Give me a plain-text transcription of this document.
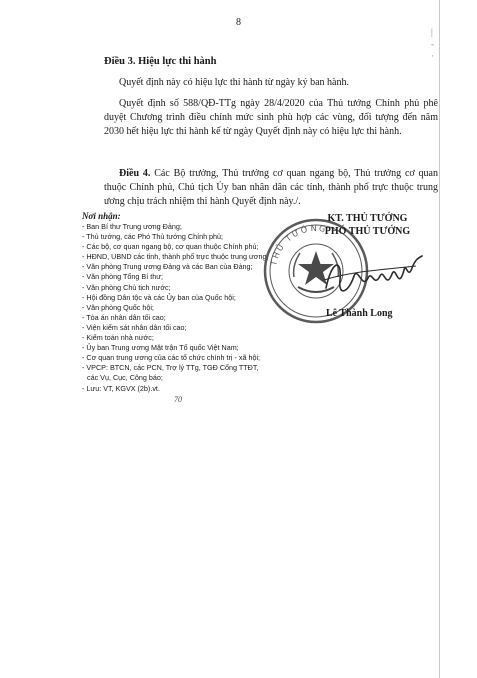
8
|
-
·
Điều 3. Hiệu lực thi hành
Quyết định này có hiệu lực thi hành từ ngày ký ban hành.
Quyết định số 588/QĐ-TTg ngày 28/4/2020 của Thủ tướng Chính phủ phê duyệt Chương trình điều chỉnh mức sinh phù hợp các vùng, đối tượng đến năm 2030 hết hiệu lực thi hành kể từ ngày Quyết định này có hiệu lực thi hành.
Điều 4. Các Bộ trưởng, Thủ trưởng cơ quan ngang bộ, Thủ trưởng cơ quan thuộc Chính phủ, Chủ tịch Ủy ban nhân dân các tỉnh, thành phố trực thuộc trung ương chịu trách nhiệm thi hành Quyết định này./.
Nơi nhận:
- Ban Bí thư Trung ương Đảng;
- Thủ tướng, các Phó Thủ tướng Chính phủ;
- Các bộ, cơ quan ngang bộ, cơ quan thuộc Chính phủ;
- HĐND, UBND các tỉnh, thành phố trực thuộc trung ương;
- Văn phòng Trung ương Đảng và các Ban của Đảng;
- Văn phòng Tổng Bí thư;
- Văn phòng Chủ tịch nước;
- Hội đồng Dân tộc và các Ủy ban của Quốc hội;
- Văn phòng Quốc hội;
- Tòa án nhân dân tối cao;
- Viện kiểm sát nhân dân tối cao;
- Kiểm toán nhà nước;
- Ủy ban Trung ương Mặt trận Tổ quốc Việt Nam;
- Cơ quan trung ương của các tổ chức chính trị - xã hội;
- VPCP: BTCN, các PCN, Trợ lý TTg, TGĐ Cổng TTĐT,
các Vụ, Cục, Công báo;
- Lưu: VT, KGVX (2b).vt.
THỦ TƯỚNG
KT. THỦ TƯỚNG
PHÓ THỦ TƯỚNG
Lê Thành Long
70
